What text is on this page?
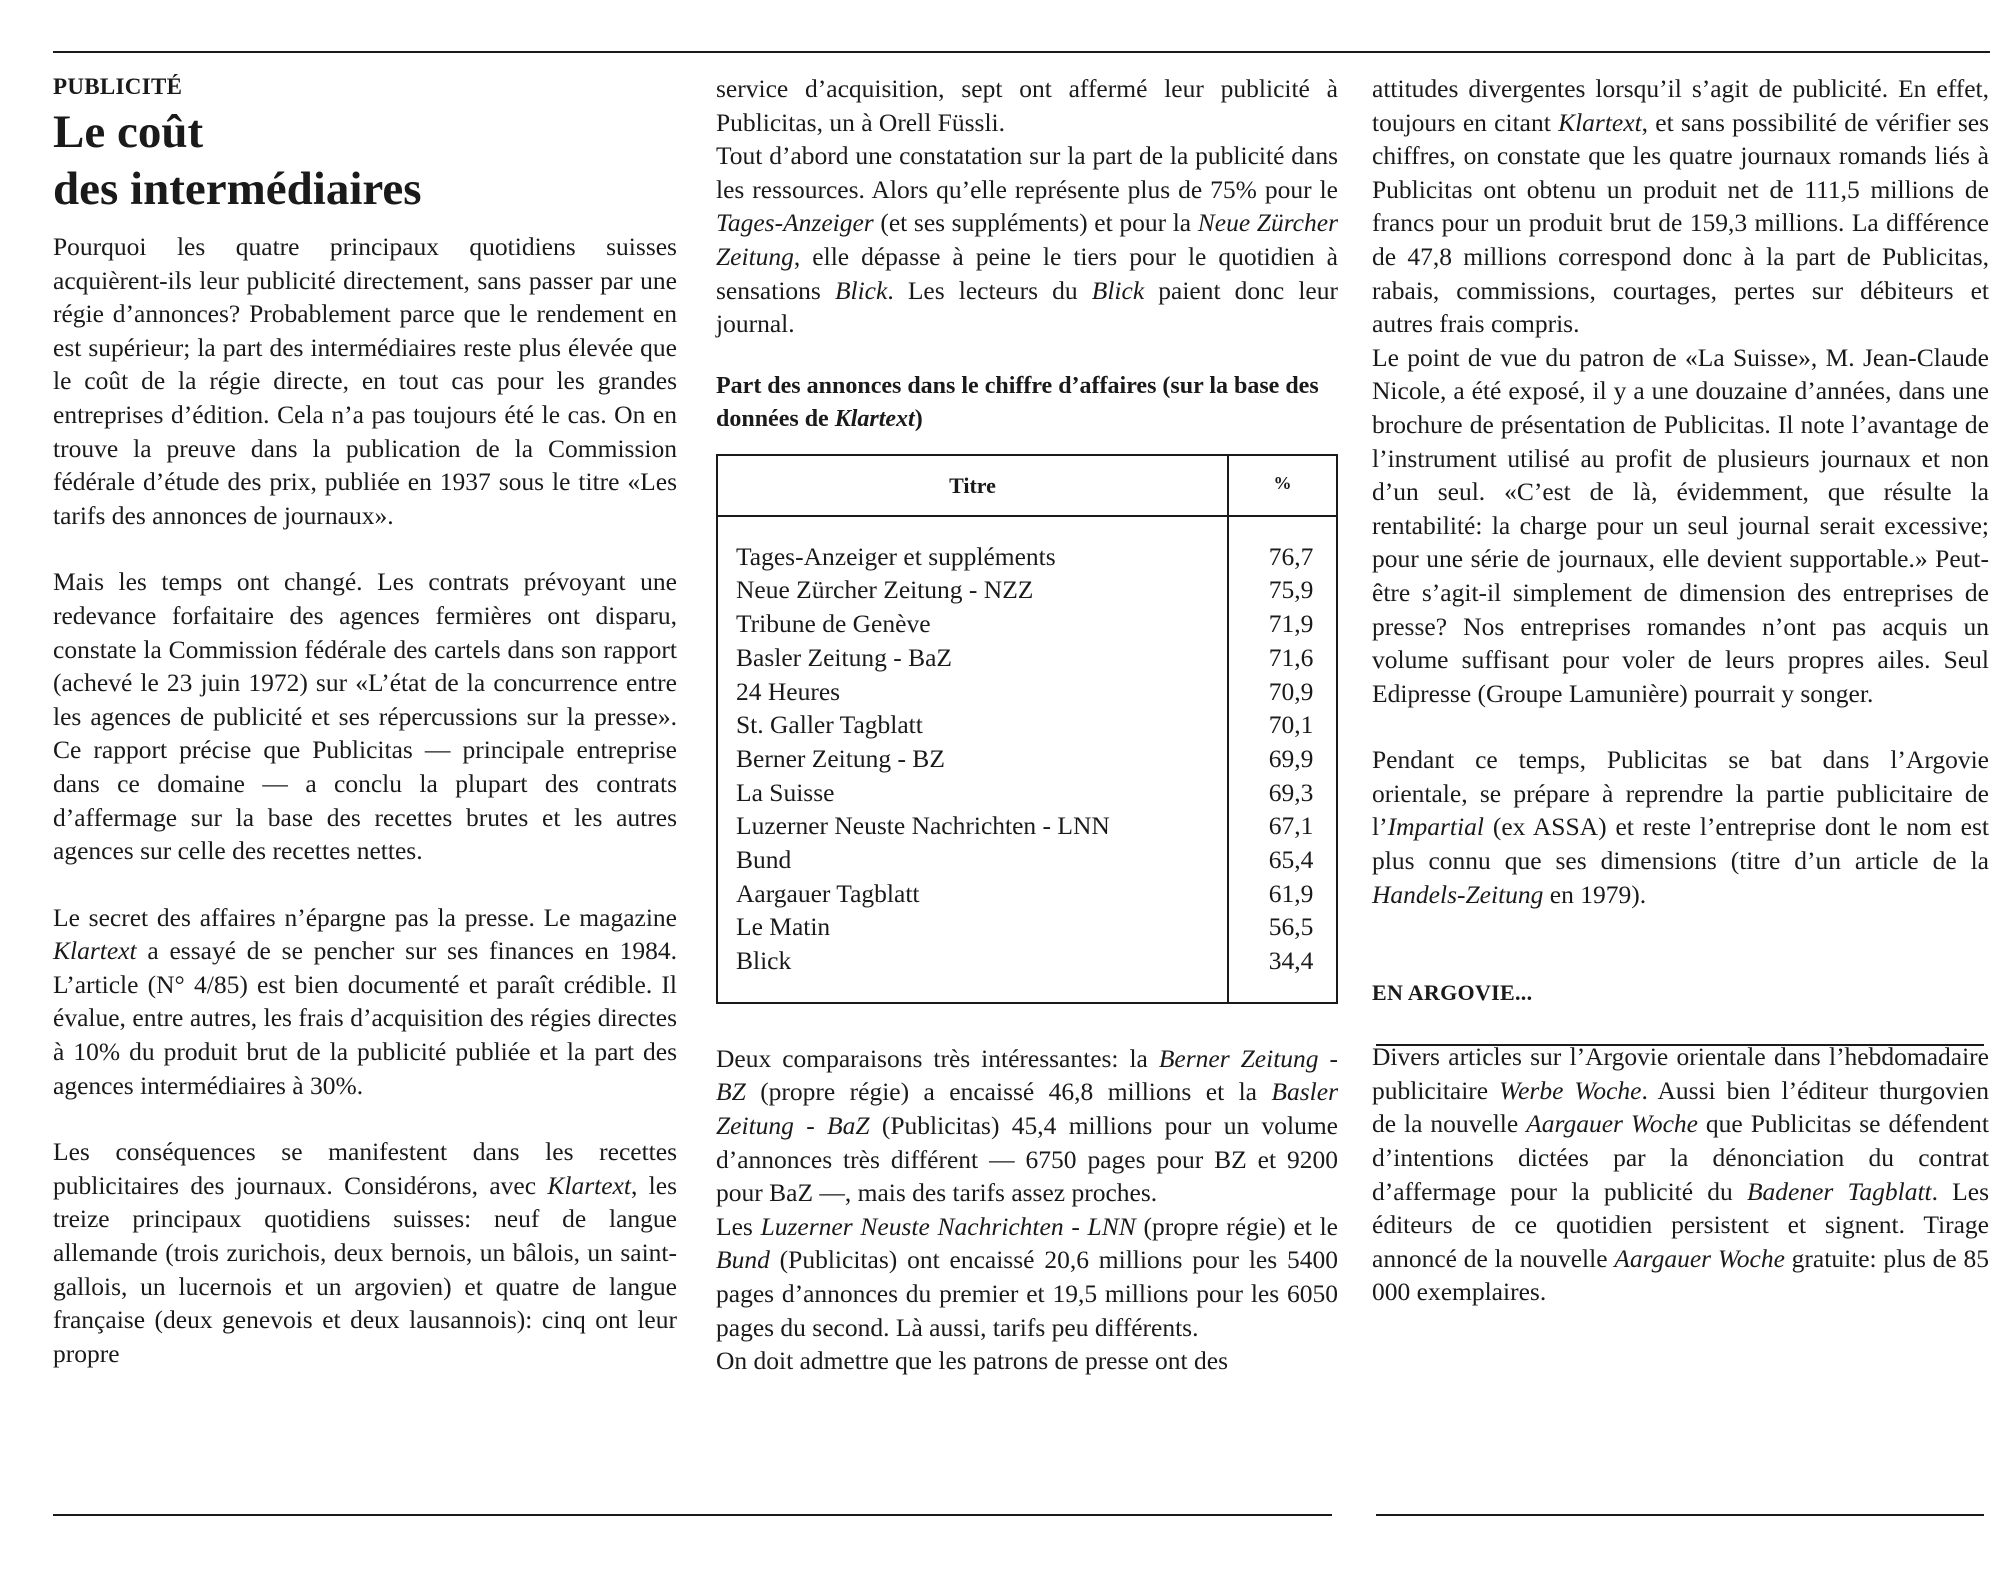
PUBLICITÉ
Le coût
des intermédiaires

Pourquoi les quatre principaux quotidiens suisses acquièrent-ils leur publicité directement, sans passer par une régie d’annonces? Probablement parce que le rendement en est supérieur; la part des intermédiaires reste plus élevée que le coût de la régie directe, en tout cas pour les grandes entreprises d’édition. Cela n’a pas toujours été le cas. On en trouve la preuve dans la publication de la Commission fédérale d’étude des prix, publiée en 1937 sous le titre «Les tarifs des annonces de journaux».

Mais les temps ont changé. Les contrats prévoyant une redevance forfaitaire des agences fermières ont disparu, constate la Commission fédérale des cartels dans son rapport (achevé le 23 juin 1972) sur «L’état de la concurrence entre les agences de publicité et ses répercussions sur la presse». Ce rapport précise que Publicitas — principale entreprise dans ce domaine — a conclu la plupart des contrats d’affermage sur la base des recettes brutes et les autres agences sur celle des recettes nettes.

Le secret des affaires n’épargne pas la presse. Le magazine Klartext a essayé de se pencher sur ses finances en 1984. L’article (N° 4/85) est bien documenté et paraît crédible. Il évalue, entre autres, les frais d’acquisition des régies directes à 10% du produit brut de la publicité publiée et la part des agences intermédiaires à 30%.

Les conséquences se manifestent dans les recettes publicitaires des journaux. Considérons, avec Klartext, les treize principaux quotidiens suisses: neuf de langue allemande (trois zurichois, deux bernois, un bâlois, un saint-gallois, un lucernois et un argovien) et quatre de langue française (deux genevois et deux lausannois): cinq ont leur propre

service d’acquisition, sept ont affermé leur publicité à Publicitas, un à Orell Füssli.

Tout d’abord une constatation sur la part de la publicité dans les ressources. Alors qu’elle représente plus de 75% pour le Tages-Anzeiger (et ses suppléments) et pour la Neue Zürcher Zeitung, elle dépasse à peine le tiers pour le quotidien à sensations Blick. Les lecteurs du Blick paient donc leur journal.

Part des annonces dans le chiffre d’affaires (sur la base des données de Klartext)
Titre	%
Tages-Anzeiger et suppléments	76,7
Neue Zürcher Zeitung - NZZ	75,9
Tribune de Genève	71,9
Basler Zeitung - BaZ	71,6
24 Heures	70,9
St. Galler Tagblatt	70,1
Berner Zeitung - BZ	69,9
La Suisse	69,3
Luzerner Neuste Nachrichten - LNN	67,1
Bund	65,4
Aargauer Tagblatt	61,9
Le Matin	56,5
Blick	34,4

Deux comparaisons très intéressantes: la Berner Zeitung - BZ (propre régie) a encaissé 46,8 millions et la Basler Zeitung - BaZ (Publicitas) 45,4 millions pour un volume d’annonces très différent — 6750 pages pour BZ et 9200 pour BaZ —, mais des tarifs assez proches.

Les Luzerner Neuste Nachrichten - LNN (propre régie) et le Bund (Publicitas) ont encaissé 20,6 millions pour les 5400 pages d’annonces du premier et 19,5 millions pour les 6050 pages du second. Là aussi, tarifs peu différents.

On doit admettre que les patrons de presse ont des

attitudes divergentes lorsqu’il s’agit de publicité. En effet, toujours en citant Klartext, et sans possibilité de vérifier ses chiffres, on constate que les quatre journaux romands liés à Publicitas ont obtenu un produit net de 111,5 millions de francs pour un produit brut de 159,3 millions. La différence de 47,8 millions correspond donc à la part de Publicitas, rabais, commissions, courtages, pertes sur débiteurs et autres frais compris.

Le point de vue du patron de «La Suisse», M. Jean-Claude Nicole, a été exposé, il y a une douzaine d’années, dans une brochure de présentation de Publicitas. Il note l’avantage de l’instrument utilisé au profit de plusieurs journaux et non d’un seul. «C’est de là, évidemment, que résulte la rentabilité: la charge pour un seul journal serait excessive; pour une série de journaux, elle devient supportable.» Peut-être s’agit-il simplement de dimension des entreprises de presse? Nos entreprises romandes n’ont pas acquis un volume suffisant pour voler de leurs propres ailes. Seul Edipresse (Groupe Lamunière) pourrait y songer.

Pendant ce temps, Publicitas se bat dans l’Argovie orientale, se prépare à reprendre la partie publicitaire de l’Impartial (ex ASSA) et reste l’entreprise dont le nom est plus connu que ses dimensions (titre d’un article de la Handels-Zeitung en 1979).

EN ARGOVIE...

Divers articles sur l’Argovie orientale dans l’hebdomadaire publicitaire Werbe Woche. Aussi bien l’éditeur thurgovien de la nouvelle Aargauer Woche que Publicitas se défendent d’intentions dictées par la dénonciation du contrat d’affermage pour la publicité du Badener Tagblatt. Les éditeurs de ce quotidien persistent et signent. Tirage annoncé de la nouvelle Aargauer Woche gratuite: plus de 85 000 exemplaires.
